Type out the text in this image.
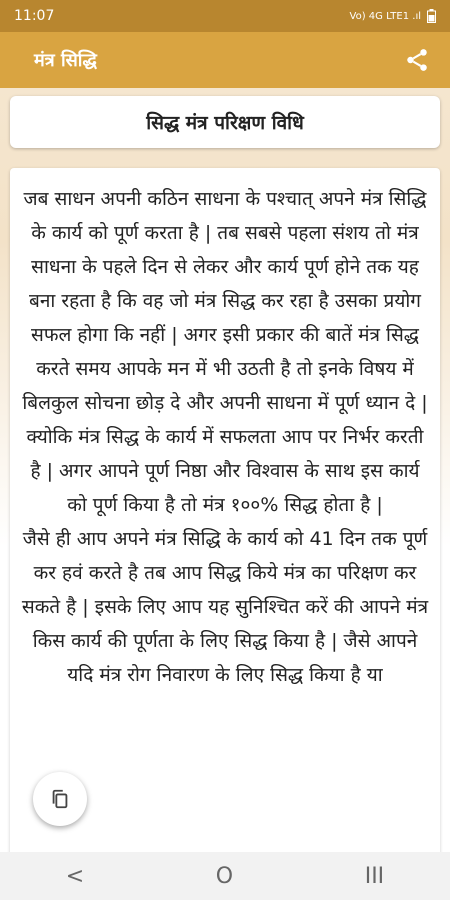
11:07	Vo) 4G LTE1 .ıl
मंत्र सिद्धि
सिद्ध मंत्र परिक्षण विधि

जब साधन अपनी कठिन साधना के पश्चात् अपने मंत्र सिद्धि के कार्य को पूर्ण करता है | तब सबसे पहला संशय तो मंत्र साधना के पहले दिन से लेकर और कार्य पूर्ण होने तक यह बना रहता है कि वह जो मंत्र सिद्ध कर रहा है उसका प्रयोग सफल होगा कि नहीं | अगर इसी प्रकार की बातें मंत्र सिद्ध करते समय आपके मन में भी उठती है तो इनके विषय में बिलकुल सोचना छोड़ दे और अपनी साधना में पूर्ण ध्यान दे | क्योकि मंत्र सिद्ध के कार्य में सफलता आप पर निर्भर करती है | अगर आपने पूर्ण निष्ठा और विश्वास के साथ इस कार्य को पूर्ण किया है तो मंत्र १००% सिद्ध होता है |
जैसे ही आप अपने मंत्र सिद्धि के कार्य को 41 दिन तक पूर्ण कर हवं करते है तब आप सिद्ध किये मंत्र का परिक्षण कर सकते है | इसके लिए आप यह सुनिश्चित करें की आपने मंत्र किस कार्य की पूर्णता के लिए सिद्ध किया है | जैसे आपने यदि मंत्र रोग निवारण के लिए सिद्ध किया है या

<	O	III
